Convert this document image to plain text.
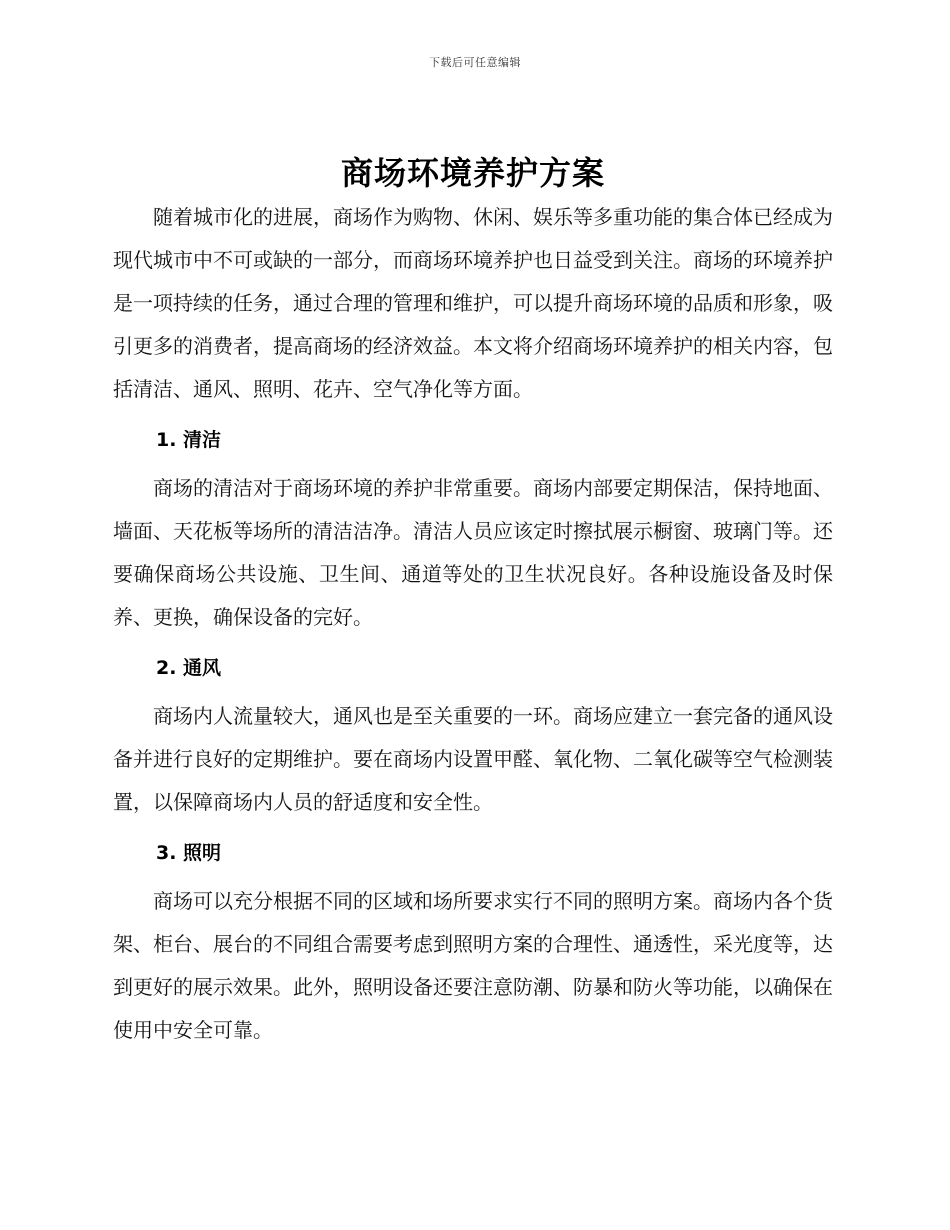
下载后可任意编辑
商场环境养护方案

随着城市化的进展，商场作为购物、休闲、娱乐等多重功能的集合体已经成为现代城市中不可或缺的一部分，而商场环境养护也日益受到关注。商场的环境养护是一项持续的任务，通过合理的管理和维护，可以提升商场环境的品质和形象，吸引更多的消费者，提高商场的经济效益。本文将介绍商场环境养护的相关内容，包括清洁、通风、照明、花卉、空气净化等方面。

1. 清洁

商场的清洁对于商场环境的养护非常重要。商场内部要定期保洁，保持地面、墙面、天花板等场所的清洁洁净。清洁人员应该定时擦拭展示橱窗、玻璃门等。还要确保商场公共设施、卫生间、通道等处的卫生状况良好。各种设施设备及时保养、更换，确保设备的完好。

2. 通风

商场内人流量较大，通风也是至关重要的一环。商场应建立一套完备的通风设备并进行良好的定期维护。要在商场内设置甲醛、氧化物、二氧化碳等空气检测装置，以保障商场内人员的舒适度和安全性。

3. 照明

商场可以充分根据不同的区域和场所要求实行不同的照明方案。商场内各个货架、柜台、展台的不同组合需要考虑到照明方案的合理性、通透性，采光度等，达到更好的展示效果。此外，照明设备还要注意防潮、防暴和防火等功能，以确保在使用中安全可靠。
